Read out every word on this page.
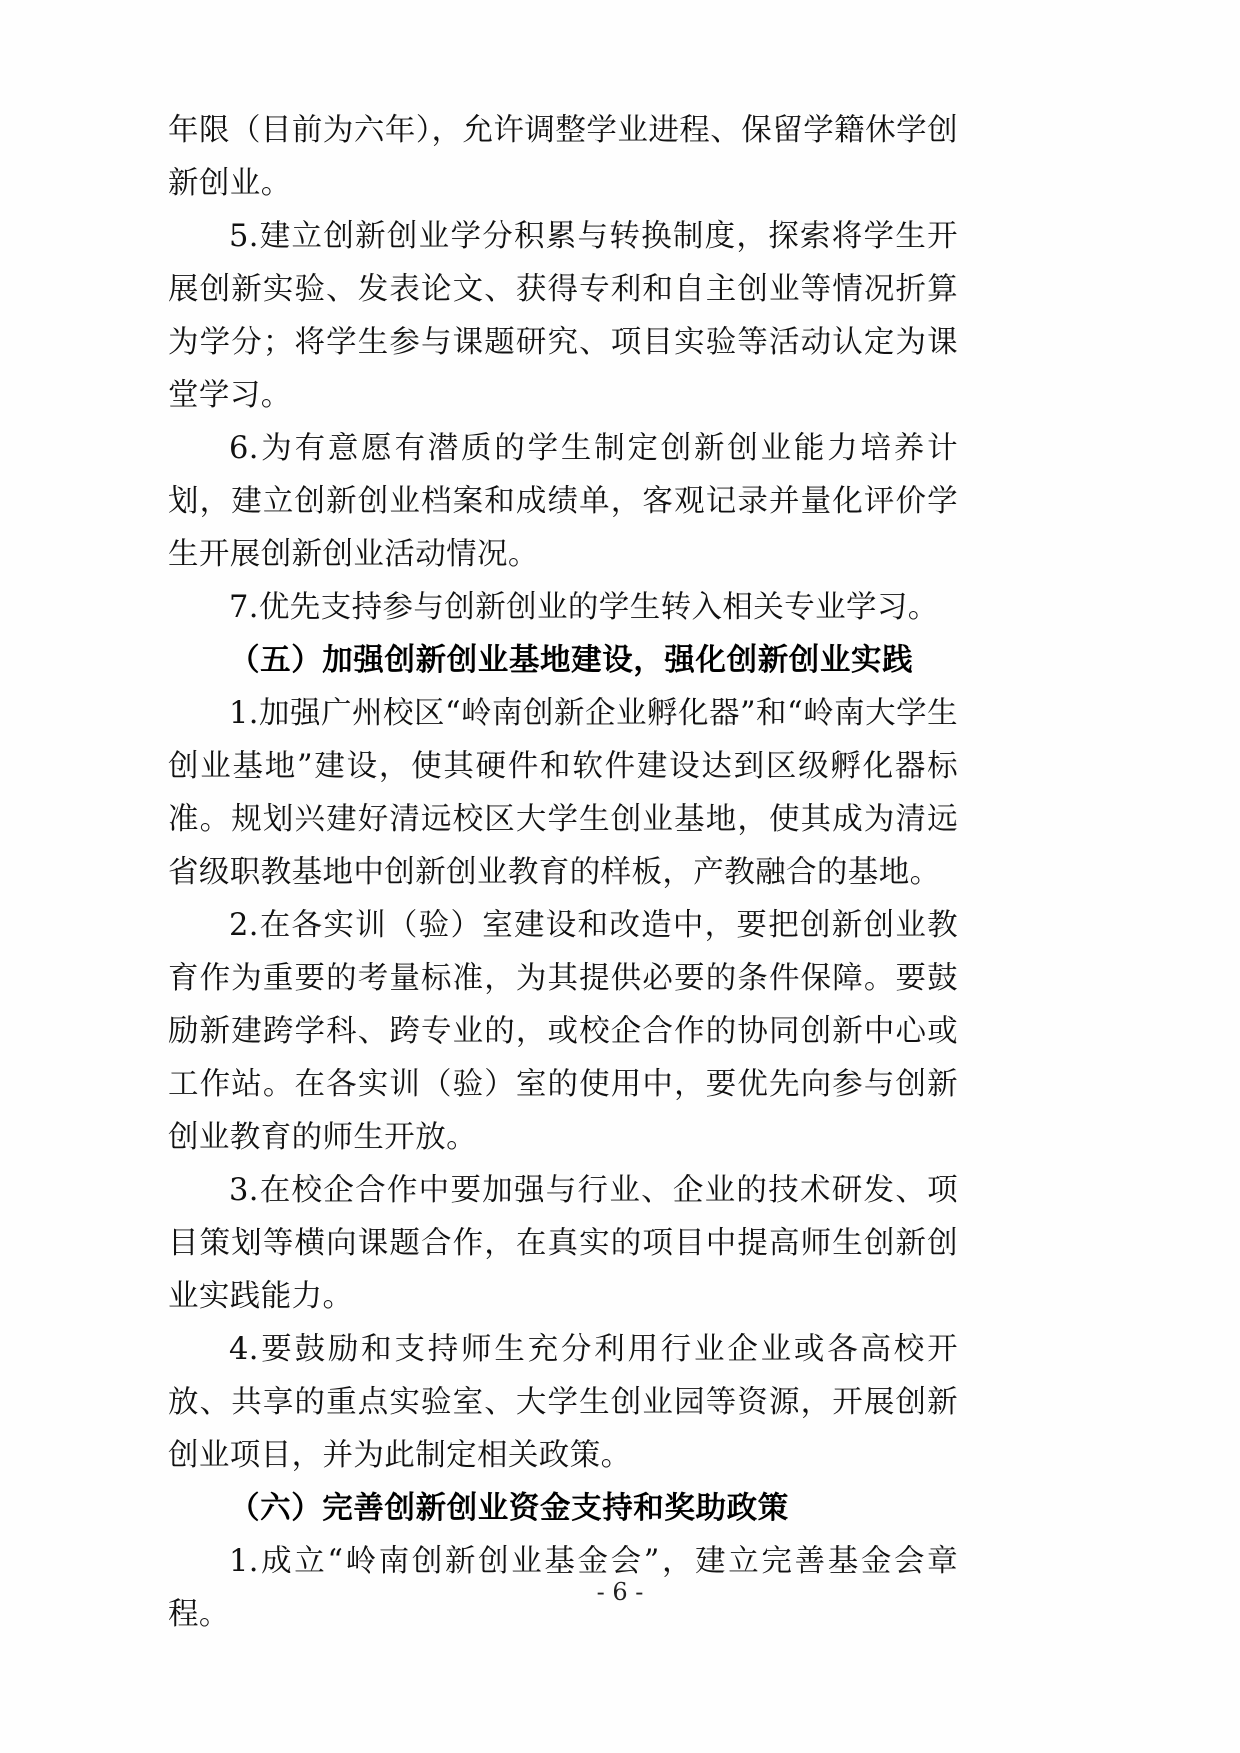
年限（目前为六年），允许调整学业进程、保留学籍休学创新创业。

5.建立创新创业学分积累与转换制度，探索将学生开展创新实验、发表论文、获得专利和自主创业等情况折算为学分；将学生参与课题研究、项目实验等活动认定为课堂学习。

6.为有意愿有潜质的学生制定创新创业能力培养计划，建立创新创业档案和成绩单，客观记录并量化评价学生开展创新创业活动情况。

7.优先支持参与创新创业的学生转入相关专业学习。

（五）加强创新创业基地建设，强化创新创业实践

1.加强广州校区“岭南创新企业孵化器”和“岭南大学生创业基地”建设，使其硬件和软件建设达到区级孵化器标准。规划兴建好清远校区大学生创业基地，使其成为清远省级职教基地中创新创业教育的样板，产教融合的基地。

2.在各实训（验）室建设和改造中，要把创新创业教育作为重要的考量标准，为其提供必要的条件保障。要鼓励新建跨学科、跨专业的，或校企合作的协同创新中心或工作站。在各实训（验）室的使用中，要优先向参与创新创业教育的师生开放。

3.在校企合作中要加强与行业、企业的技术研发、项目策划等横向课题合作，在真实的项目中提高师生创新创业实践能力。

4.要鼓励和支持师生充分利用行业企业或各高校开放、共享的重点实验室、大学生创业园等资源，开展创新创业项目，并为此制定相关政策。

（六）完善创新创业资金支持和奖助政策

1.成立“岭南创新创业基金会”，建立完善基金会章程。

- 6 -
